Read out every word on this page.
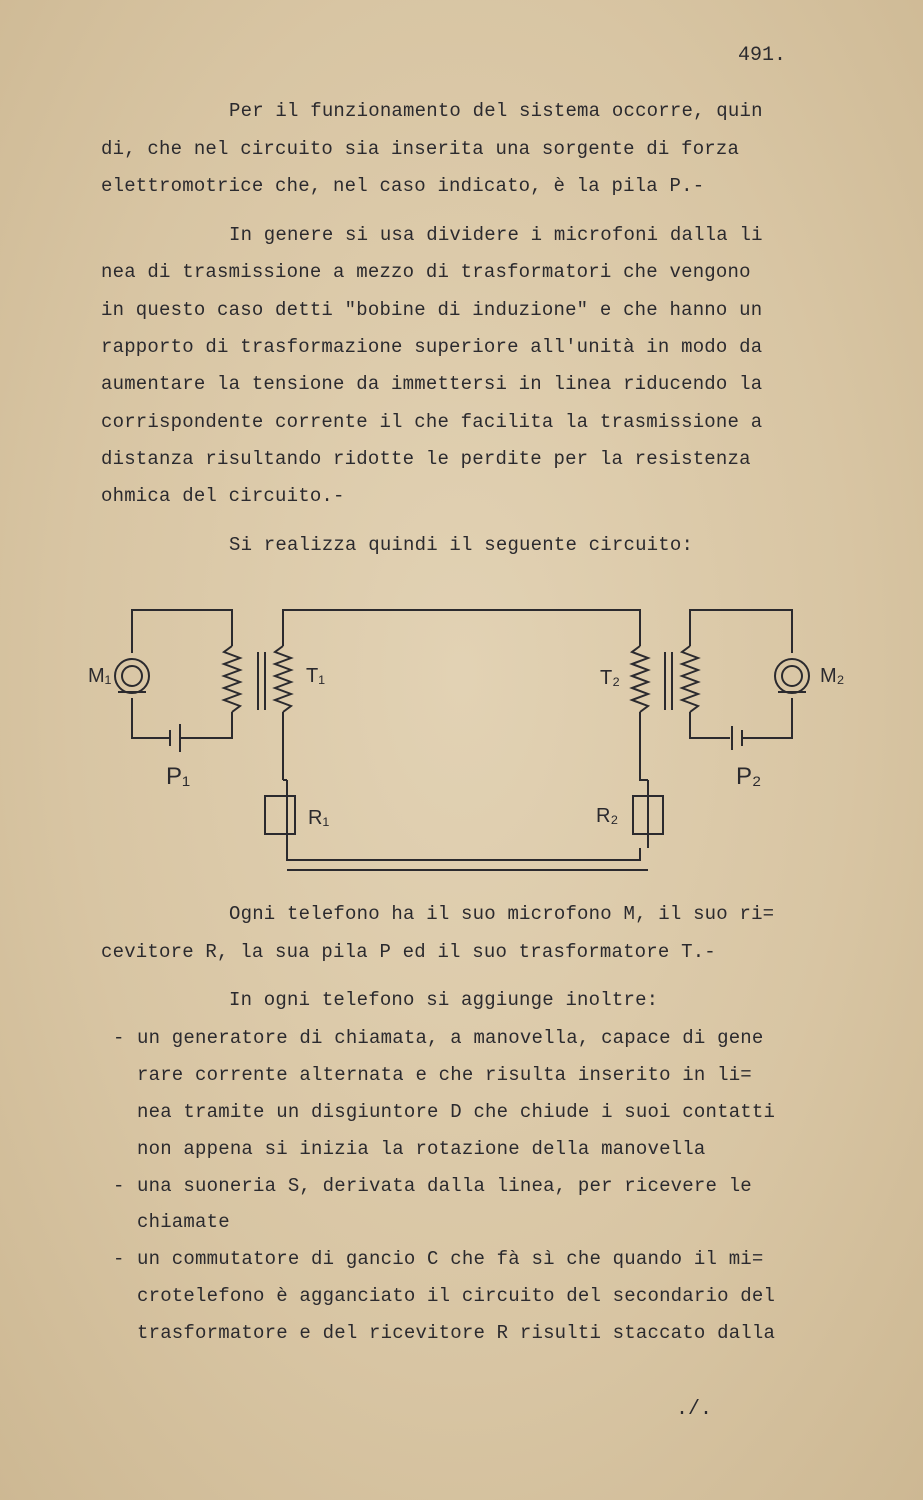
491.
Per il funzionamento del sistema occorre, quin
di, che nel circuito sia inserita una sorgente di forza
elettromotrice che, nel caso indicato, è la pila P.-
In genere si usa dividere i microfoni dalla li
nea di trasmissione a mezzo di trasformatori che vengono
in questo caso detti "bobine di induzione" e che hanno un
rapporto di trasformazione superiore all'unità in modo da
aumentare la tensione da immettersi in linea riducendo la
corrispondente corrente il che facilita la trasmissione a
distanza risultando ridotte le perdite per la resistenza
ohmica del circuito.-
Si realizza quindi il seguente circuito:
M₁	M₂
T₁	T₂
P₁	P₂
R₁	R₂
Ogni telefono ha il suo microfono M, il suo ri=
cevitore R, la sua pila P ed il suo trasformatore T.-
In ogni telefono si aggiunge inoltre:
- un generatore di chiamata, a manovella, capace di gene
rare corrente alternata e che risulta inserito in li=
nea tramite un disgiuntore D che chiude i suoi contatti
non appena si inizia la rotazione della manovella
- una suoneria S, derivata dalla linea, per ricevere le
chiamate
- un commutatore di gancio C che fà sì che quando il mi=
crotelefono è agganciato il circuito del secondario del
trasformatore e del ricevitore R risulti staccato dalla
./.
